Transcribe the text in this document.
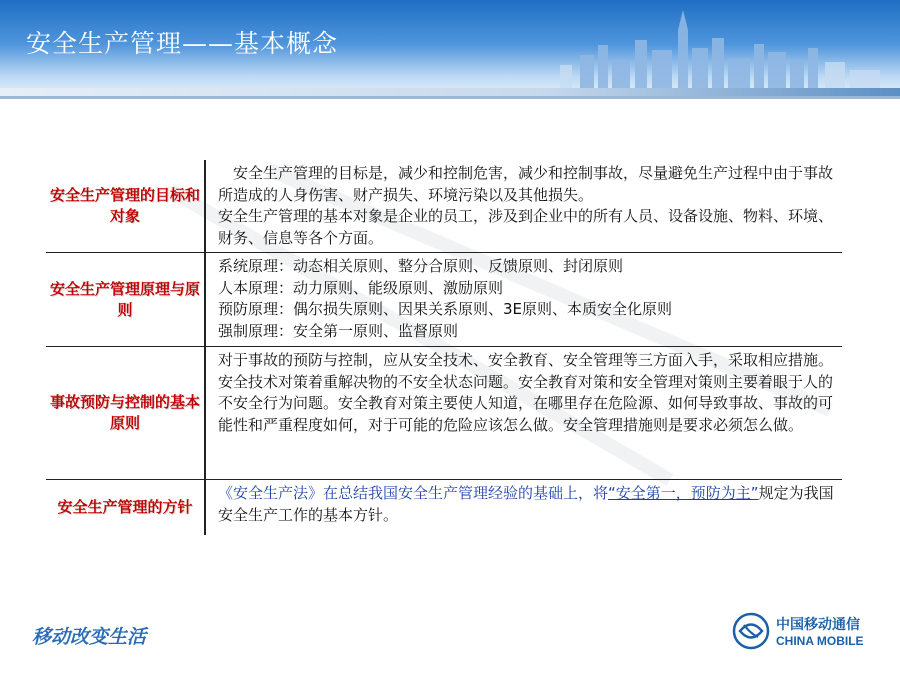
安全生产管理——基本概念
安全生产管理的目标和对象

安全生产管理的目标是，减少和控制危害，减少和控制事故，尽量避免生产过程中由于事故所造成的人身伤害、财产损失、环境污染以及其他损失。

安全生产管理的基本对象是企业的员工，涉及到企业中的所有人员、设备设施、物料、环境、财务、信息等各个方面。

安全生产管理原理与原则

系统原理：动态相关原则、整分合原则、反馈原则、封闭原则

人本原理：动力原则、能级原则、激励原则

预防原理：偶尔损失原则、因果关系原则、3E原则、本质安全化原则

强制原理：安全第一原则、监督原则

事故预防与控制的基本原则

对于事故的预防与控制，应从安全技术、安全教育、安全管理等三方面入手，采取相应措施。

安全技术对策着重解决物的不安全状态问题。安全教育对策和安全管理对策则主要着眼于人的不安全行为问题。安全教育对策主要使人知道，在哪里存在危险源、如何导致事故、事故的可能性和严重程度如何，对于可能的危险应该怎么做。安全管理措施则是要求必须怎么做。

安全生产管理的方针

《安全生产法》在总结我国安全生产管理经验的基础上，将“安全第一，预防为主”规定为我国安全生产工作的基本方针。

移动改变生活
中国移动通信
CHINA MOBILE
